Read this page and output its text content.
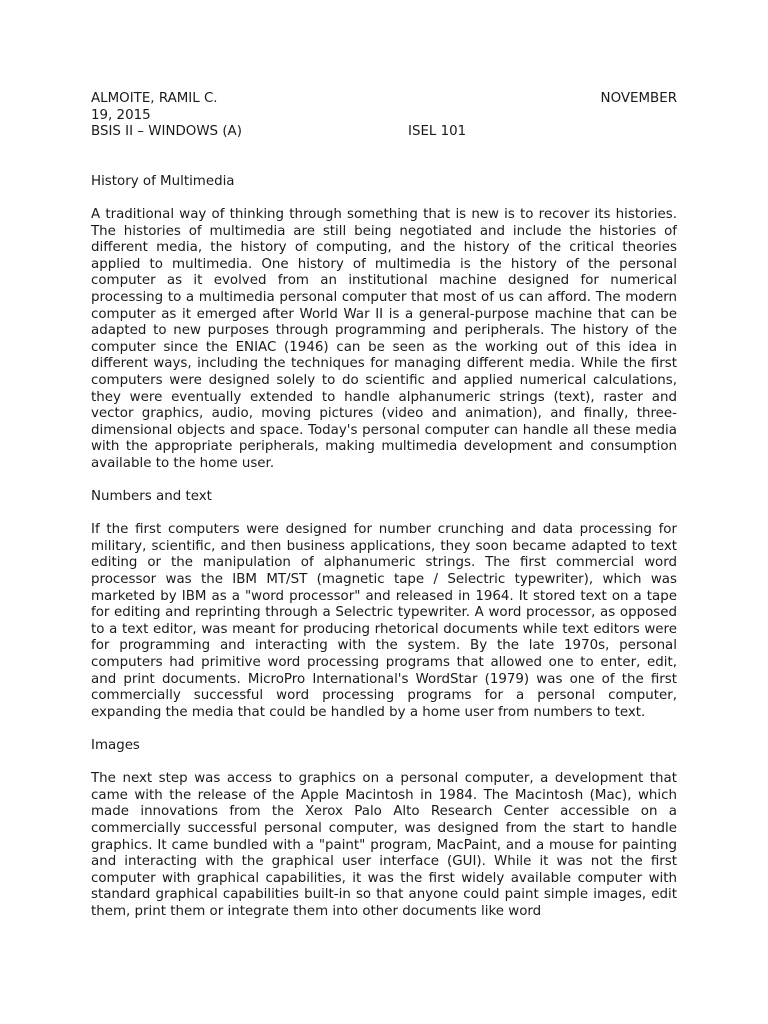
ALMOITE, RAMIL C.	NOVEMBER
19, 2015
BSIS II – WINDOWS (A)	ISEL 101
History of Multimedia

A traditional way of thinking through something that is new is to recover its histories. The histories of multimedia are still being negotiated and include the histories of different media, the history of computing, and the history of the critical theories applied to multimedia. One history of multimedia is the history of the personal computer as it evolved from an institutional machine designed for numerical processing to a multimedia personal computer that most of us can afford. The modern computer as it emerged after World War II is a general-purpose machine that can be adapted to new purposes through programming and peripherals. The history of the computer since the ENIAC (1946) can be seen as the working out of this idea in different ways, including the techniques for managing different media. While the first computers were designed solely to do scientific and applied numerical calculations, they were eventually extended to handle alphanumeric strings (text), raster and vector graphics, audio, moving pictures (video and animation), and finally, three-dimensional objects and space. Today's personal computer can handle all these media with the appropriate peripherals, making multimedia development and consumption available to the home user.

Numbers and text

If the first computers were designed for number crunching and data processing for military, scientific, and then business applications, they soon became adapted to text editing or the manipulation of alphanumeric strings. The first commercial word processor was the IBM MT/ST (magnetic tape / Selectric typewriter), which was marketed by IBM as a "word processor" and released in 1964. It stored text on a tape for editing and reprinting through a Selectric typewriter. A word processor, as opposed to a text editor, was meant for producing rhetorical documents while text editors were for programming and interacting with the system. By the late 1970s, personal computers had primitive word processing programs that allowed one to enter, edit, and print documents. MicroPro International's WordStar (1979) was one of the first commercially successful word processing programs for a personal computer, expanding the media that could be handled by a home user from numbers to text.

Images

The next step was access to graphics on a personal computer, a development that came with the release of the Apple Macintosh in 1984. The Macintosh (Mac), which made innovations from the Xerox Palo Alto Research Center accessible on a commercially successful personal computer, was designed from the start to handle graphics. It came bundled with a "paint" program, MacPaint, and a mouse for painting and interacting with the graphical user interface (GUI). While it was not the first computer with graphical capabilities, it was the first widely available computer with standard graphical capabilities built-in so that anyone could paint simple images, edit them, print them or integrate them into other documents like word
